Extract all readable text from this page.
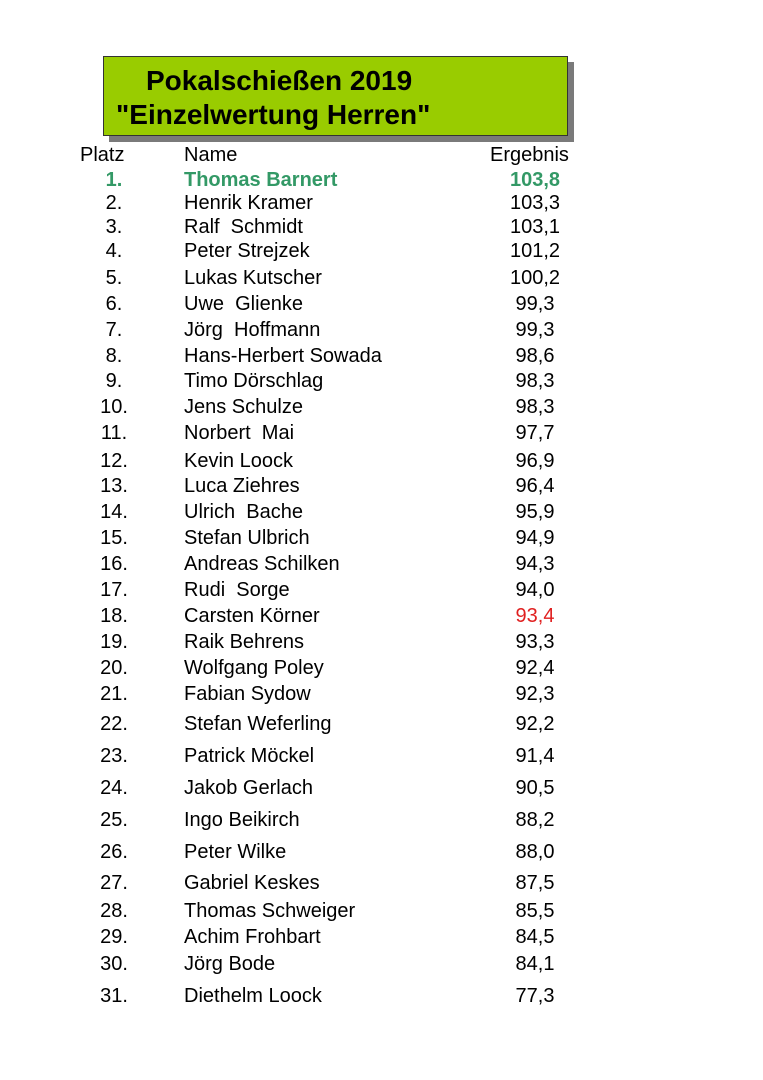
Pokalschießen 2019
"Einzelwertung Herren"
Platz	Name	Ergebnis
1.	Thomas Barnert	103,8
2.	Henrik Kramer	103,3
3.	Ralf  Schmidt	103,1
4.	Peter Strejzek	101,2
5.	Lukas Kutscher	100,2
6.	Uwe  Glienke	99,3
7.	Jörg  Hoffmann	99,3
8.	Hans-Herbert Sowada	98,6
9.	Timo Dörschlag	98,3
10.	Jens Schulze	98,3
11.	Norbert  Mai	97,7
12.	Kevin Loock	96,9
13.	Luca Ziehres	96,4
14.	Ulrich  Bache	95,9
15.	Stefan Ulbrich	94,9
16.	Andreas Schilken	94,3
17.	Rudi  Sorge	94,0
18.	Carsten Körner	93,4
19.	Raik Behrens	93,3
20.	Wolfgang Poley	92,4
21.	Fabian Sydow	92,3
22.	Stefan Weferling	92,2
23.	Patrick Möckel	91,4
24.	Jakob Gerlach	90,5
25.	Ingo Beikirch	88,2
26.	Peter Wilke	88,0
27.	Gabriel Keskes	87,5
28.	Thomas Schweiger	85,5
29.	Achim Frohbart	84,5
30.	Jörg Bode	84,1
31.	Diethelm Loock	77,3
